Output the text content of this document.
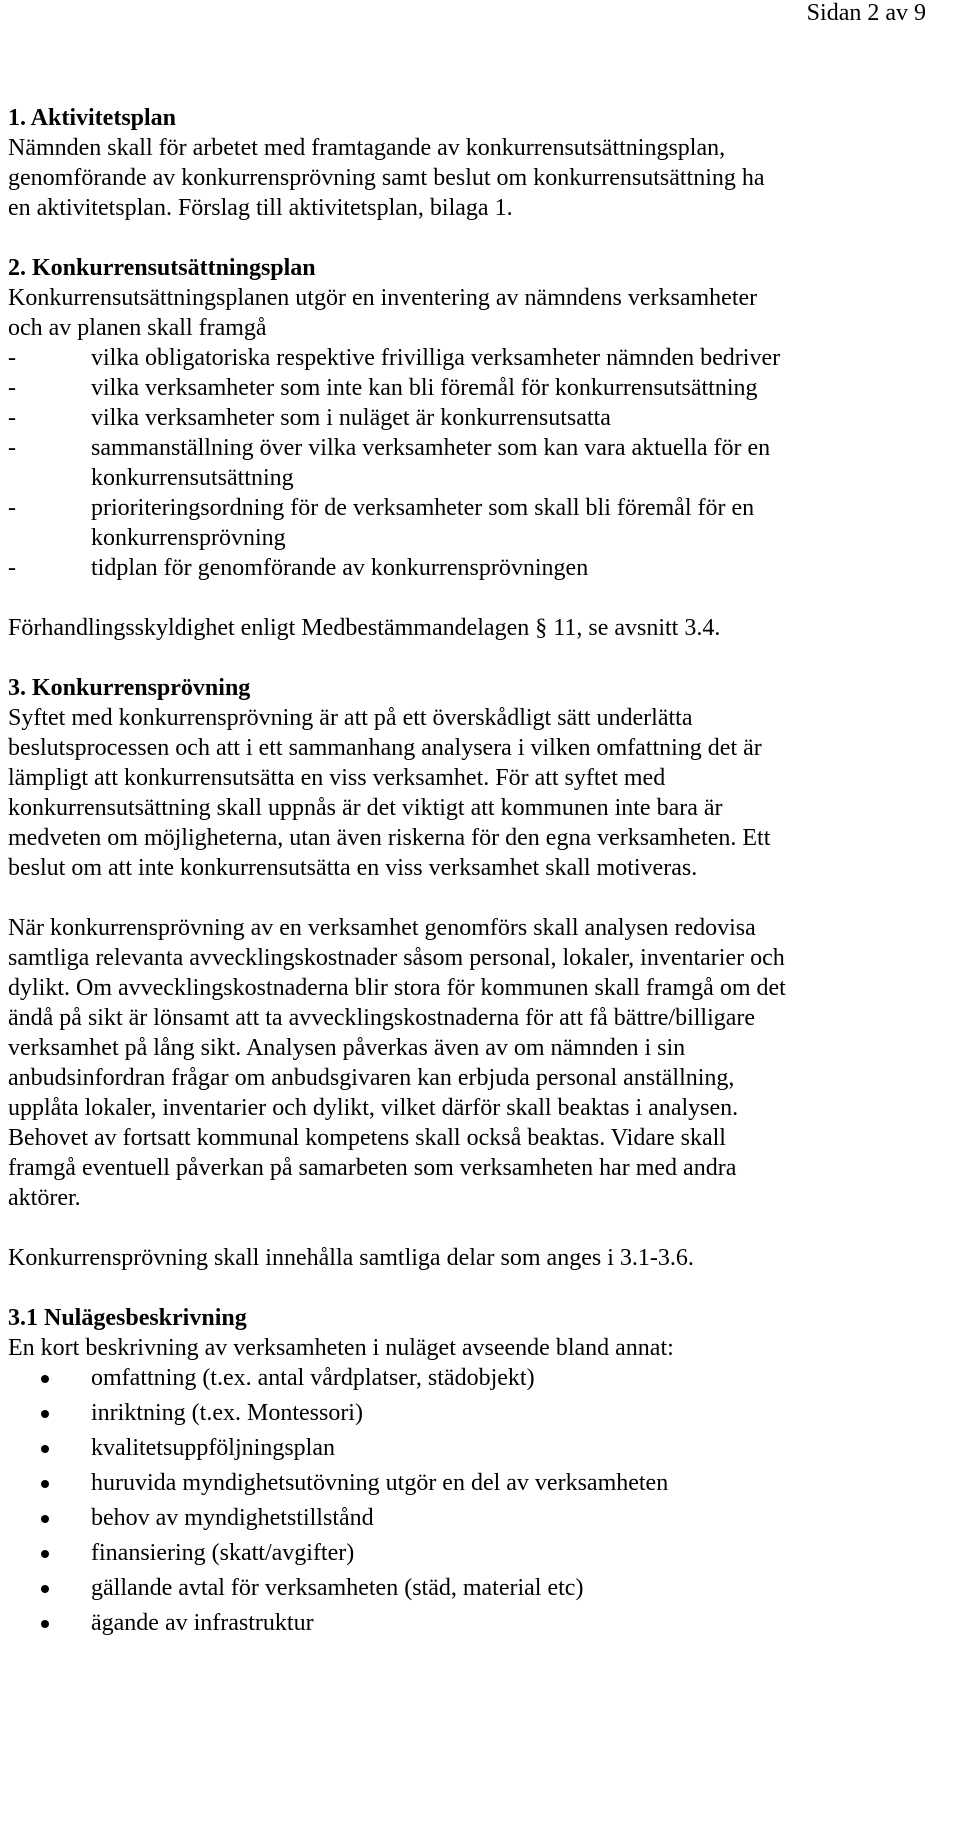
Sidan 2 av 9

1. Aktivitetsplan

Nämnden skall för arbetet med framtagande av konkurrensutsättningsplan,

genomförande av konkurrensprövning samt beslut om konkurrensutsättning ha

en aktivitetsplan. Förslag till aktivitetsplan, bilaga 1.

2. Konkurrensutsättningsplan

Konkurrensutsättningsplanen utgör en inventering av nämndens verksamheter

och av planen skall framgå

-	vilka obligatoriska respektive frivilliga verksamheter nämnden bedriver
-	vilka verksamheter som inte kan bli föremål för konkurrensutsättning
-	vilka verksamheter som i nuläget är konkurrensutsatta
-	sammanställning över vilka verksamheter som kan vara aktuella för en
konkurrensutsättning
-	prioriteringsordning för de verksamheter som skall bli föremål för en
konkurrensprövning
-	tidplan för genomförande av konkurrensprövningen

Förhandlingsskyldighet enligt Medbestämmandelagen § 11, se avsnitt 3.4.

3. Konkurrensprövning

Syftet med konkurrensprövning är att på ett överskådligt sätt underlätta

beslutsprocessen och att i ett sammanhang analysera i vilken omfattning det är

lämpligt att konkurrensutsätta en viss verksamhet. För att syftet med

konkurrensutsättning skall uppnås är det viktigt att kommunen inte bara är

medveten om möjligheterna, utan även riskerna för den egna verksamheten. Ett

beslut om att inte konkurrensutsätta en viss verksamhet skall motiveras.

När konkurrensprövning av en verksamhet genomförs skall analysen redovisa

samtliga relevanta avvecklingskostnader såsom personal, lokaler, inventarier och

dylikt. Om avvecklingskostnaderna blir stora för kommunen skall framgå om det

ändå på sikt är lönsamt att ta avvecklingskostnaderna för att få bättre/billigare

verksamhet på lång sikt. Analysen påverkas även av om nämnden i sin

anbudsinfordran frågar om anbudsgivaren kan erbjuda personal anställning,

upplåta lokaler, inventarier och dylikt, vilket därför skall beaktas i analysen.

Behovet av fortsatt kommunal kompetens skall också beaktas. Vidare skall

framgå eventuell påverkan på samarbeten som verksamheten har med andra

aktörer.

Konkurrensprövning skall innehålla samtliga delar som anges i 3.1-3.6.

3.1 Nulägesbeskrivning

En kort beskrivning av verksamheten i nuläget avseende bland annat:

omfattning (t.ex. antal vårdplatser, städobjekt)
inriktning (t.ex. Montessori)
kvalitetsuppföljningsplan
huruvida myndighetsutövning utgör en del av verksamheten
behov av myndighetstillstånd
finansiering (skatt/avgifter)
gällande avtal för verksamheten (städ, material etc)
ägande av infrastruktur
